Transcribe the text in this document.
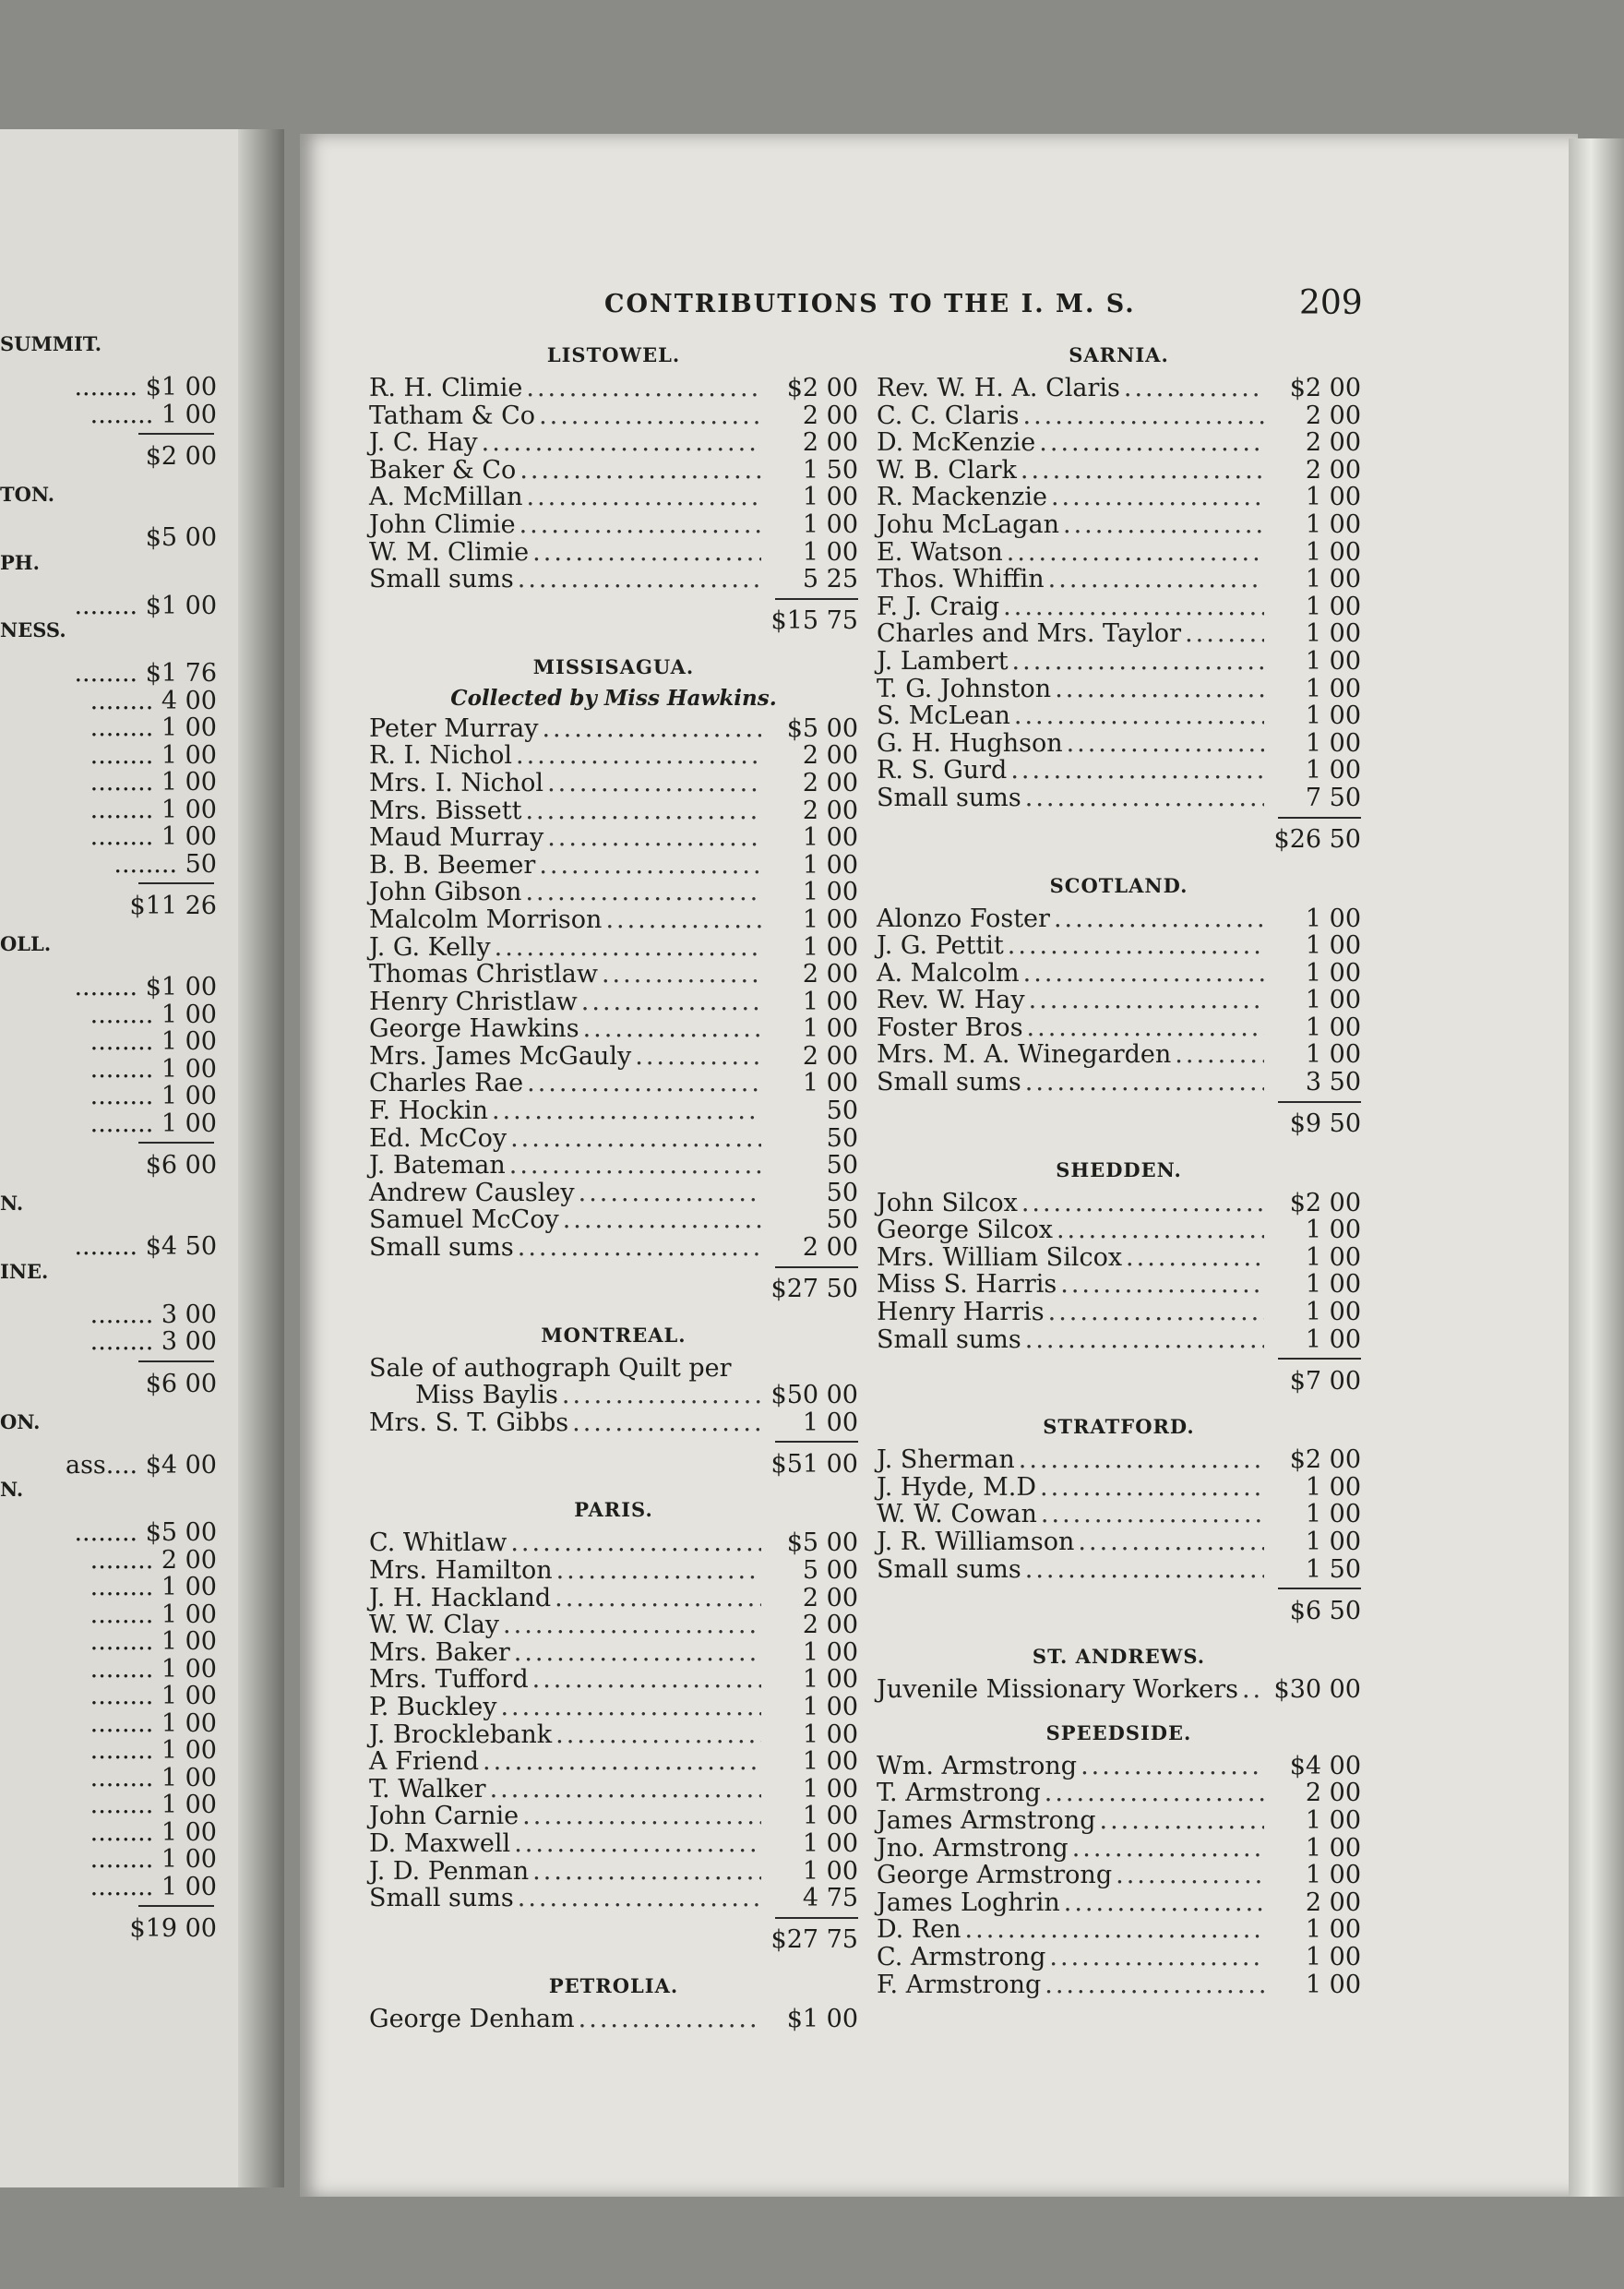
CONTRIBUTIONS TO THE I. M. S.	209
SUMMIT.
........ $1 00
........ 1 00
$2 00
TON.
$5 00
PH.
........ $1 00
NESS.
........ $1 76
........ 4 00
........ 1 00
........ 1 00
........ 1 00
........ 1 00
........ 1 00
........ 50
$11 26
OLL.
........ $1 00
........ 1 00
........ 1 00
........ 1 00
........ 1 00
........ 1 00
$6 00
N.
........ $4 50
INE.
........ 3 00
........ 3 00
$6 00
ON.
ass.... $4 00
N.
........ $5 00
........ 2 00
........ 1 00
........ 1 00
........ 1 00
........ 1 00
........ 1 00
........ 1 00
........ 1 00
........ 1 00
........ 1 00
........ 1 00
........ 1 00
........ 1 00
$19 00
LISTOWEL.
R. H. Climie .....	$2 00
Tatham & Co .....	2 00
J. C. Hay .....	2 00
Baker & Co .....	1 50
A. McMillan .....	1 00
John Climie .....	1 00
W. M. Climie .....	1 00
Small sums .....	5 25
$15 75
MISSISAGUA.
Collected by Miss Hawkins.
Peter Murray .....	$5 00
R. I. Nichol .....	2 00
Mrs. I. Nichol .....	2 00
Mrs. Bissett .....	2 00
Maud Murray .....	1 00
B. B. Beemer .....	1 00
John Gibson .....	1 00
Malcolm Morrison .....	1 00
J. G. Kelly .....	1 00
Thomas Christlaw .....	2 00
Henry Christlaw .....	1 00
George Hawkins .....	1 00
Mrs. James McGauly .....	2 00
Charles Rae .....	1 00
F. Hockin .....	50
Ed. McCoy .....	50
J. Bateman .....	50
Andrew Causley .....	50
Samuel McCoy .....	50
Small sums .....	2 00
$27 50
MONTREAL.
Sale of authograph Quilt per
Miss Baylis .....	$50 00
Mrs. S. T. Gibbs .....	1 00
$51 00
PARIS.
C. Whitlaw .....	$5 00
Mrs. Hamilton .....	5 00
J. H. Hackland .....	2 00
W. W. Clay .....	2 00
Mrs. Baker .....	1 00
Mrs. Tufford .....	1 00
P. Buckley .....	1 00
J. Brocklebank .....	1 00
A Friend .....	1 00
T. Walker .....	1 00
John Carnie .....	1 00
D. Maxwell .....	1 00
J. D. Penman .....	1 00
Small sums .....	4 75
$27 75
PETROLIA.
George Denham .....	$1 00
SARNIA.
Rev. W. H. A. Claris .....	$2 00
C. C. Claris .....	2 00
D. McKenzie .....	2 00
W. B. Clark .....	2 00
R. Mackenzie .....	1 00
Johu McLagan .....	1 00
E. Watson .....	1 00
Thos. Whiffin .....	1 00
F. J. Craig .....	1 00
Charles and Mrs. Taylor .....	1 00
J. Lambert .....	1 00
T. G. Johnston .....	1 00
S. McLean .....	1 00
G. H. Hughson .....	1 00
R. S. Gurd .....	1 00
Small sums .....	7 50
$26 50
SCOTLAND.
Alonzo Foster .....	1 00
J. G. Pettit .....	1 00
A. Malcolm .....	1 00
Rev. W. Hay .....	1 00
Foster Bros .....	1 00
Mrs. M. A. Winegarden .....	1 00
Small sums .....	3 50
$9 50
SHEDDEN.
John Silcox .....	$2 00
George Silcox .....	1 00
Mrs. William Silcox .....	1 00
Miss S. Harris .....	1 00
Henry Harris .....	1 00
Small sums .....	1 00
$7 00
STRATFORD.
J. Sherman .....	$2 00
J. Hyde, M.D .....	1 00
W. W. Cowan .....	1 00
J. R. Williamson .....	1 00
Small sums .....	1 50
$6 50
ST. ANDREWS.
Juvenile Missionary Workers .....	$30 00
SPEEDSIDE.
Wm. Armstrong .....	$4 00
T. Armstrong .....	2 00
James Armstrong .....	1 00
Jno. Armstrong .....	1 00
George Armstrong .....	1 00
James Loghrin .....	2 00
D. Ren .....	1 00
C. Armstrong .....	1 00
F. Armstrong .....	1 00
